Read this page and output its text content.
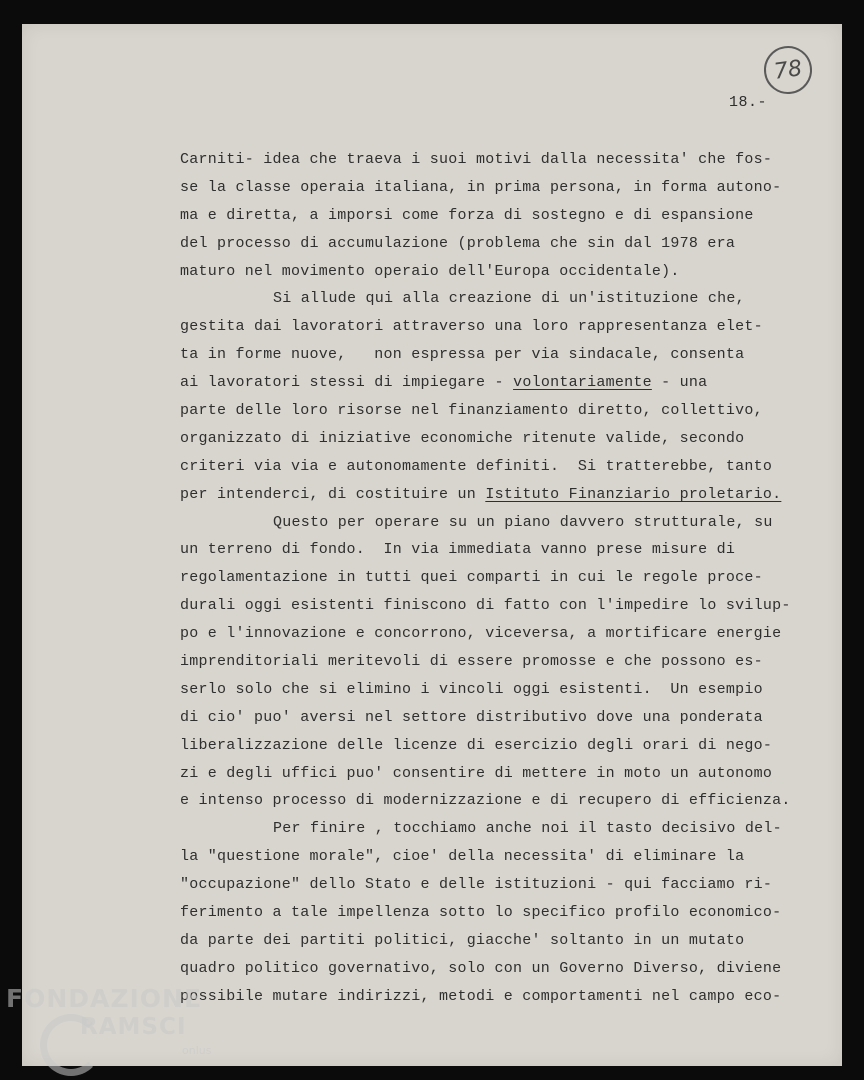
78
18.-
Carniti- idea che traeva i suoi motivi dalla necessita' che fos-
se la classe operaia italiana, in prima persona, in forma autono-
ma e diretta, a imporsi come forza di sostegno e di espansione
del processo di accumulazione (problema che sin dal 1978 era
maturo nel movimento operaio dell'Europa occidentale).
Si allude qui alla creazione di un'istituzione che,
gestita dai lavoratori attraverso una loro rappresentanza elet-
ta in forme nuove,   non espressa per via sindacale, consenta
ai lavoratori stessi di impiegare - volontariamente - una
parte delle loro risorse nel finanziamento diretto, collettivo,
organizzato di iniziative economiche ritenute valide, secondo
criteri via via e autonomamente definiti.  Si tratterebbe, tanto
per intenderci, di costituire un Istituto Finanziario proletario.
Questo per operare su un piano davvero strutturale, su
un terreno di fondo.  In via immediata vanno prese misure di
regolamentazione in tutti quei comparti in cui le regole proce-
durali oggi esistenti finiscono di fatto con l'impedire lo svilup-
po e l'innovazione e concorrono, viceversa, a mortificare energie
imprenditoriali meritevoli di essere promosse e che possono es-
serlo solo che si elimino i vincoli oggi esistenti.  Un esempio
di cio' puo' aversi nel settore distributivo dove una ponderata
liberalizzazione delle licenze di esercizio degli orari di nego-
zi e degli uffici puo' consentire di mettere in moto un autonomo
e intenso processo di modernizzazione e di recupero di efficienza.
Per finire , tocchiamo anche noi il tasto decisivo del-
la "questione morale", cioe' della necessita' di eliminare la
"occupazione" dello Stato e delle istituzioni - qui facciamo ri-
ferimento a tale impellenza sotto lo specifico profilo economico-
da parte dei partiti politici, giacche' soltanto in un mutato
quadro politico governativo, solo con un Governo Diverso, diviene
possibile mutare indirizzi, metodi e comportamenti nel campo eco-
FONDAZIONE
RAMSCI
onlus
